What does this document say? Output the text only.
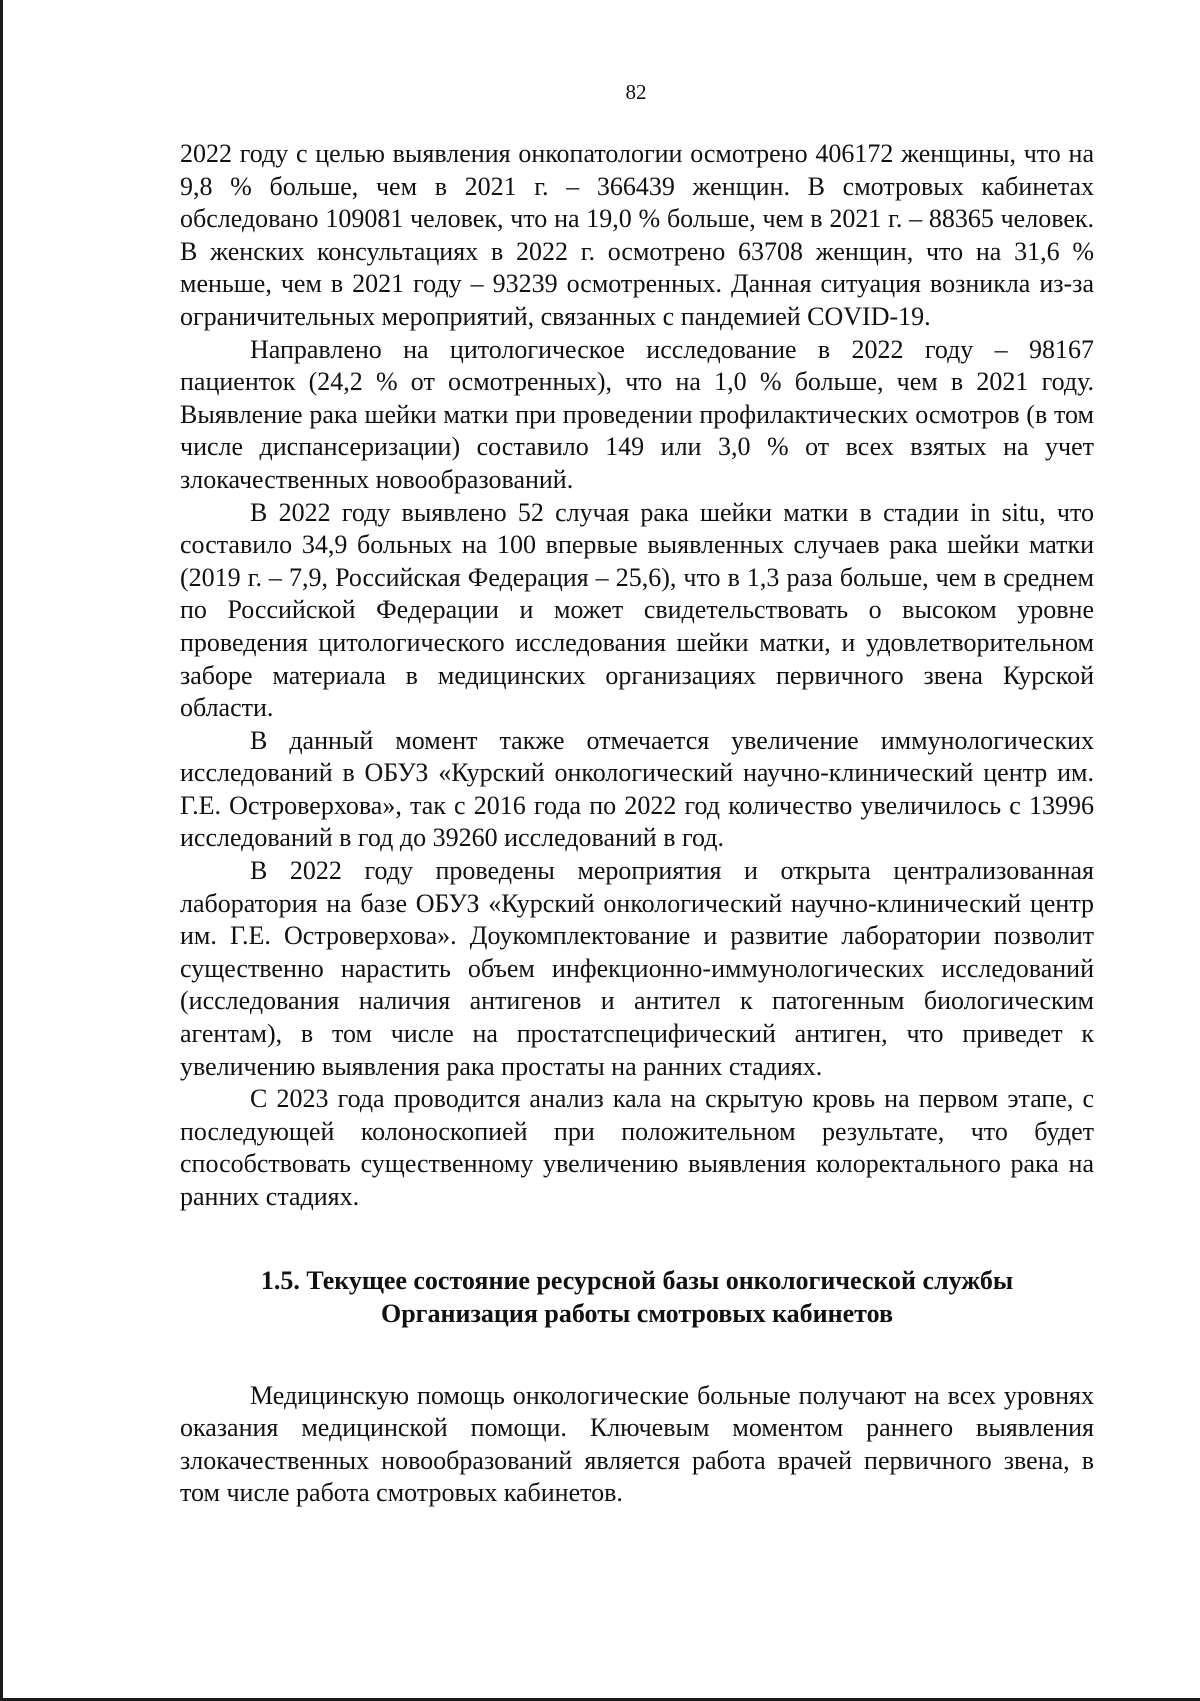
82

2022 году с целью выявления онкопатологии осмотрено 406172 женщины, что на 9,8 % больше, чем в 2021 г. – 366439 женщин. В смотровых кабинетах обследовано 109081 человек, что на 19,0 % больше, чем в 2021 г. – 88365 человек. В женских консультациях в 2022 г. осмотрено 63708 женщин, что на 31,6 % меньше, чем в 2021 году – 93239 осмотренных. Данная ситуация возникла из-за ограничительных мероприятий, связанных с пандемией COVID-19.

Направлено на цитологическое исследование в 2022 году – 98167 пациенток (24,2 % от осмотренных), что на 1,0 % больше, чем в 2021 году. Выявление рака шейки матки при проведении профилактических осмотров (в том числе диспансеризации) составило 149 или 3,0 % от всех взятых на учет злокачественных новообразований.

В 2022 году выявлено 52 случая рака шейки матки в стадии in situ, что составило 34,9 больных на 100 впервые выявленных случаев рака шейки матки (2019 г. – 7,9, Российская Федерация – 25,6), что в 1,3 раза больше, чем в среднем по Российской Федерации и может свидетельствовать о высоком уровне проведения цитологического исследования шейки матки, и удовлетворительном заборе материала в медицинских организациях первичного звена Курской области.

В данный момент также отмечается увеличение иммунологических исследований в ОБУЗ «Курский онкологический научно-клинический центр им. Г.Е. Островерхова», так с 2016 года по 2022 год количество увеличилось с 13996 исследований в год до 39260 исследований в год.

В 2022 году проведены мероприятия и открыта централизованная лаборатория на базе ОБУЗ «Курский онкологический научно-клинический центр им. Г.Е. Островерхова». Доукомплектование и развитие лаборатории позволит существенно нарастить объем инфекционно-иммунологических исследований (исследования наличия антигенов и антител к патогенным биологическим агентам), в том числе на простатспецифический антиген, что приведет к увеличению выявления рака простаты на ранних стадиях.

С 2023 года проводится анализ кала на скрытую кровь на первом этапе, с последующей колоноскопией при положительном результате, что будет способствовать существенному увеличению выявления колоректального рака на ранних стадиях.

1.5. Текущее состояние ресурсной базы онкологической службы
Организация работы смотровых кабинетов

Медицинскую помощь онкологические больные получают на всех уровнях оказания медицинской помощи. Ключевым моментом раннего выявления злокачественных новообразований является работа врачей первичного звена, в том числе работа смотровых кабинетов.
